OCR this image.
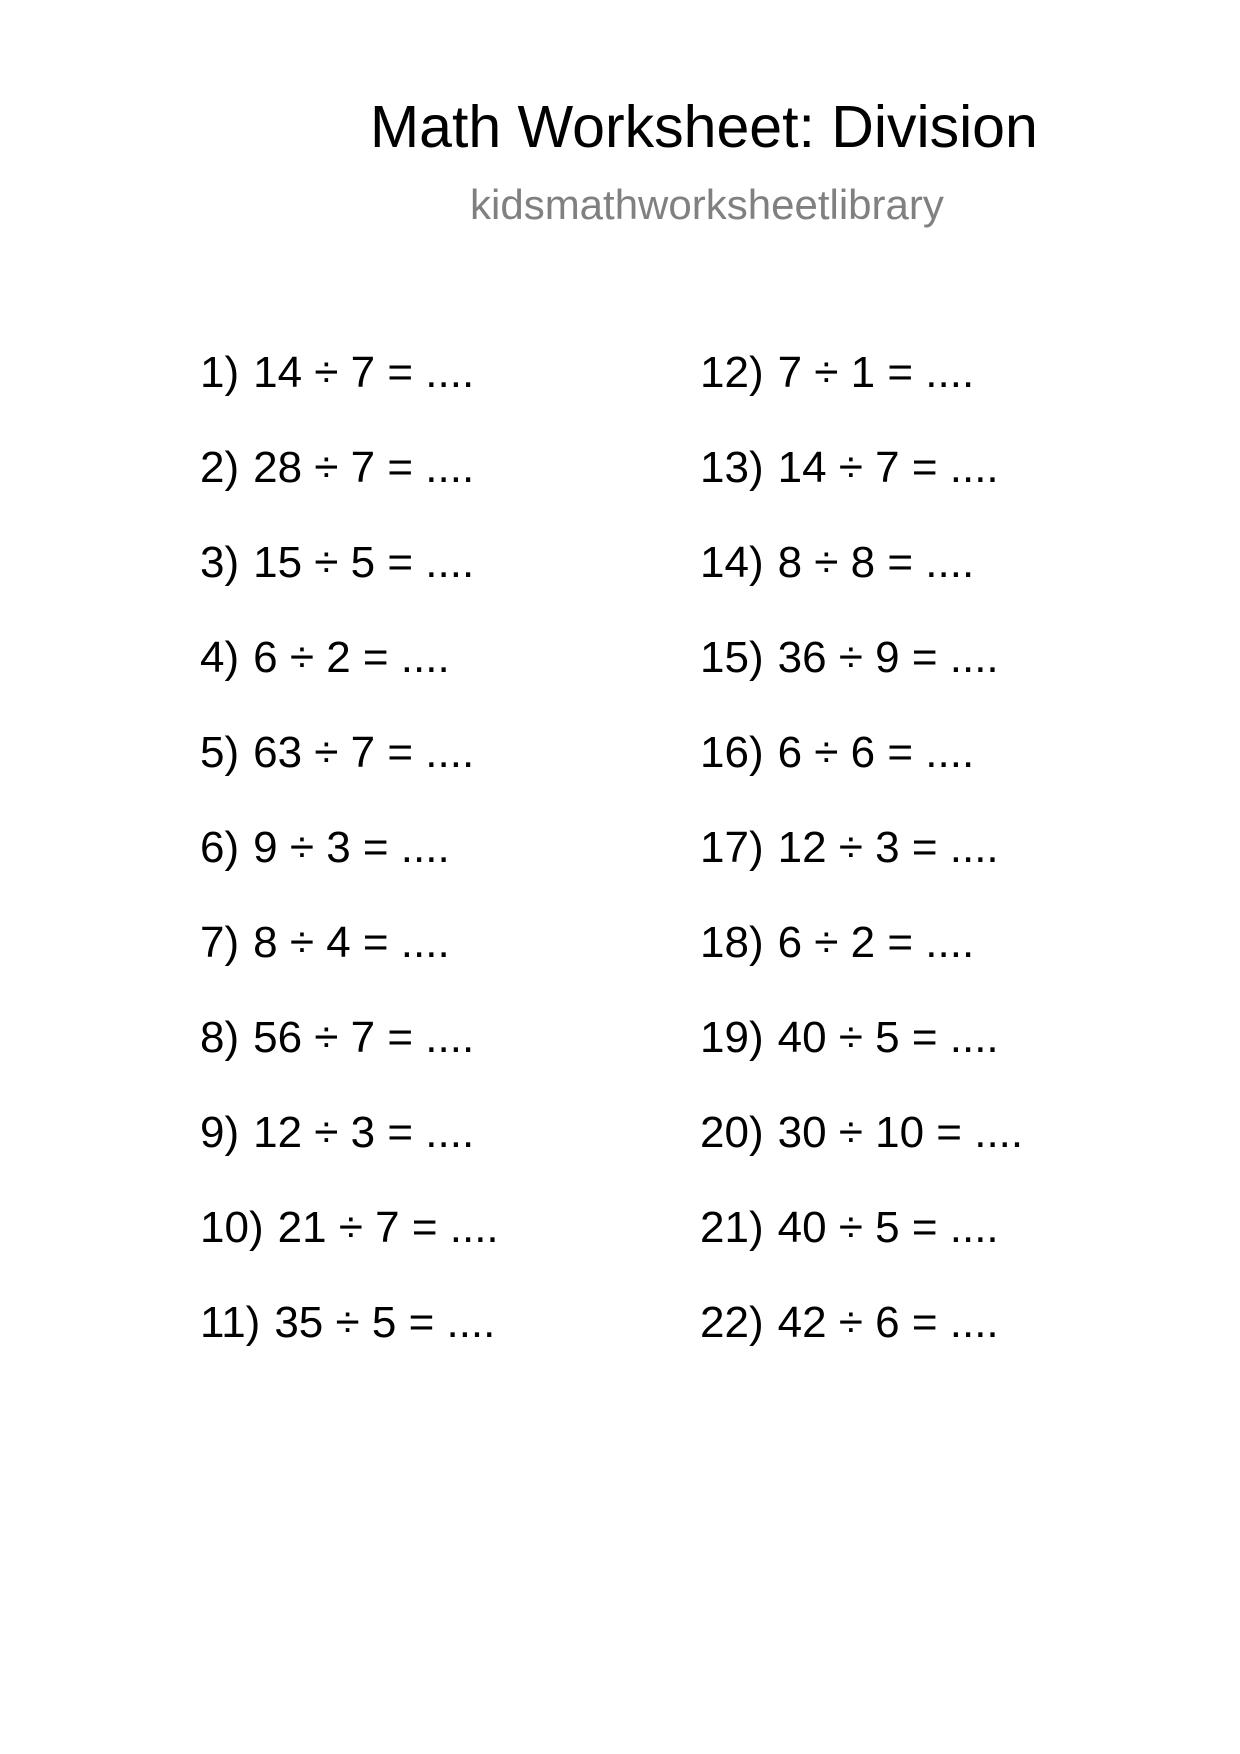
Math Worksheet: Division
kidsmathworksheetlibrary
1) 14 ÷ 7 = ....
2) 28 ÷ 7 = ....
3) 15 ÷ 5 = ....
4) 6 ÷ 2 = ....
5) 63 ÷ 7 = ....
6) 9 ÷ 3 = ....
7) 8 ÷ 4 = ....
8) 56 ÷ 7 = ....
9) 12 ÷ 3 = ....
10) 21 ÷ 7 = ....
11) 35 ÷ 5 = ....
12) 7 ÷ 1 = ....
13) 14 ÷ 7 = ....
14) 8 ÷ 8 = ....
15) 36 ÷ 9 = ....
16) 6 ÷ 6 = ....
17) 12 ÷ 3 = ....
18) 6 ÷ 2 = ....
19) 40 ÷ 5 = ....
20) 30 ÷ 10 = ....
21) 40 ÷ 5 = ....
22) 42 ÷ 6 = ....
